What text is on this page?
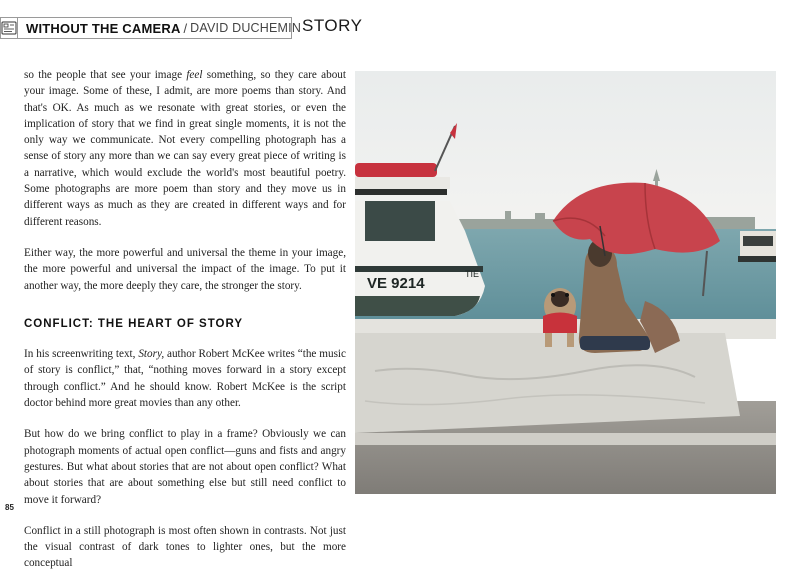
WITHOUT THE CAMERA / DAVID DUCHEMIN STORY

so the people that see your image feel something, so they care about your image. Some of these, I admit, are more poems than story. And that's OK. As much as we resonate with great stories, or even the implication of story that we find in great single moments, it is not the only way we communicate. Not every compelling photograph has a sense of story any more than we can say every great piece of writing is a narrative, which would exclude the world's most beautiful poetry. Some photographs are more poem than story and they move us in different ways as much as they are created in different ways and for different reasons.

Either way, the more powerful and universal the theme in your image, the more powerful and universal the impact of the image. To put it another way, the more deeply they care, the stronger the story.

CONFLICT: THE HEART OF STORY

In his screenwriting text, Story, author Robert McKee writes “the music of story is conflict,” that, “nothing moves forward in a story except through conflict.” And he should know. Robert McKee is the script doctor behind more great movies than any other.

But how do we bring conflict to play in a frame? Obviously we can photograph moments of actual open conflict—guns and fists and angry gestures. But what about stories that are not about open conflict? What about stories that are about something else but still need conflict to move it forward?

Conflict in a still photograph is most often shown in contrasts. Not just the visual contrast of dark tones to lighter ones, but the more conceptual

85
VE 9214
TIE
